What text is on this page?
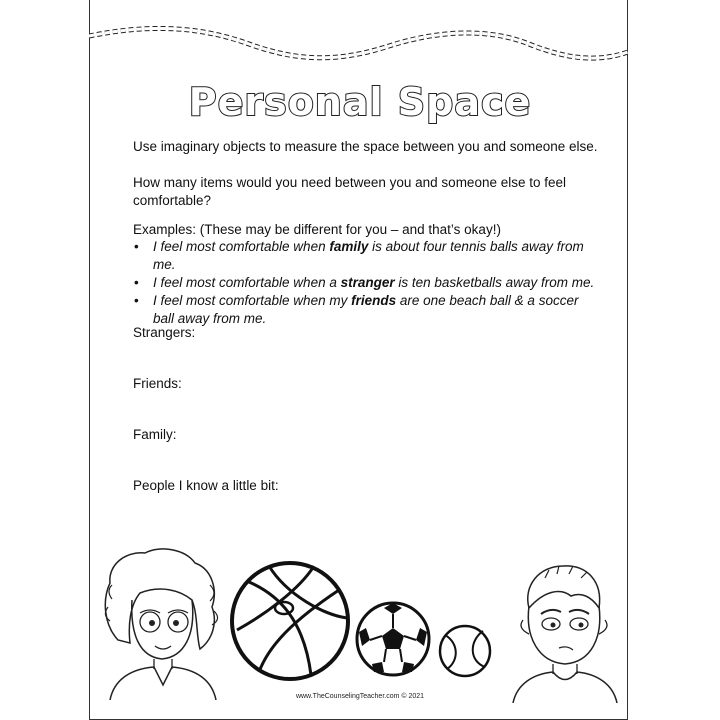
Personal Space
Use imaginary objects to measure the space between you and someone else.
How many items would you need between you and someone else to feel
comfortable?
Examples: (These may be different for you – and that’s okay!)
• I feel most comfortable when family is about four tennis balls away from me.
• I feel most comfortable when a stranger is ten basketballs away from me.
• I feel most comfortable when my friends are one beach ball & a soccer ball away from me.
Strangers:
Friends:
Family:
People I know a little bit:
www.TheCounselingTeacher.com © 2021
